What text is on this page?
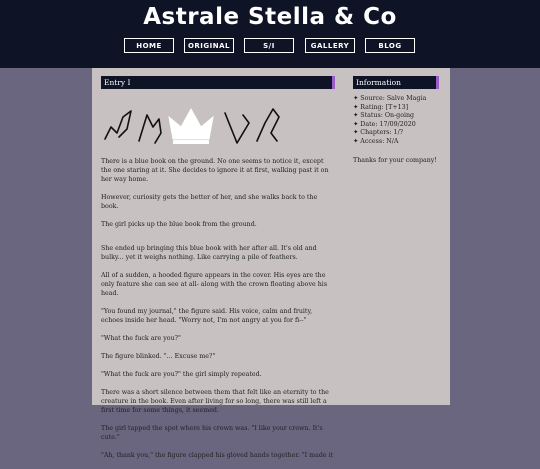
Astrale Stella & Co
HOME	ORIGINAL	S/I	GALLERY	BLOG
Entry I

There is a blue book on the ground. No one seems to notice it, except the one staring at it. She decides to ignore it at first, walking past it on her way home.

However, curiosity gets the better of her, and she walks back to the book.

The girl picks up the blue book from the ground.

She ended up bringing this blue book with her after all. It's old and bulky... yet it weighs nothing. Like carrying a pile of feathers.

All of a sudden, a hooded figure appears in the cover. His eyes are the only feature she can see at all- along with the crown floating above his head.

"You found my journal," the figure said. His voice, calm and fruity, echoes inside her head. "Worry not, I'm not angry at you for fi--"

"What the fuck are you?"

The figure blinked. "... Excuse me?"

"What the fuck are you?" the girl simply repeated.

There was a short silence between them that felt like an eternity to the creature in the book. Even after living for so long, there was still left a first time for some things, it seemed.

The girl tapped the spot where his crown was. "I like your crown. It's cute."

"Ah, thank you," the figure clapped his gloved hands together. "I made it

Information
✦ Source: Salve Magia
✦ Rating: [T+13]
✦ Status: On-going
✦ Date: 17/09/2020
✦ Chapters: 1/?
✦ Access: N/A
Thanks for your company!
